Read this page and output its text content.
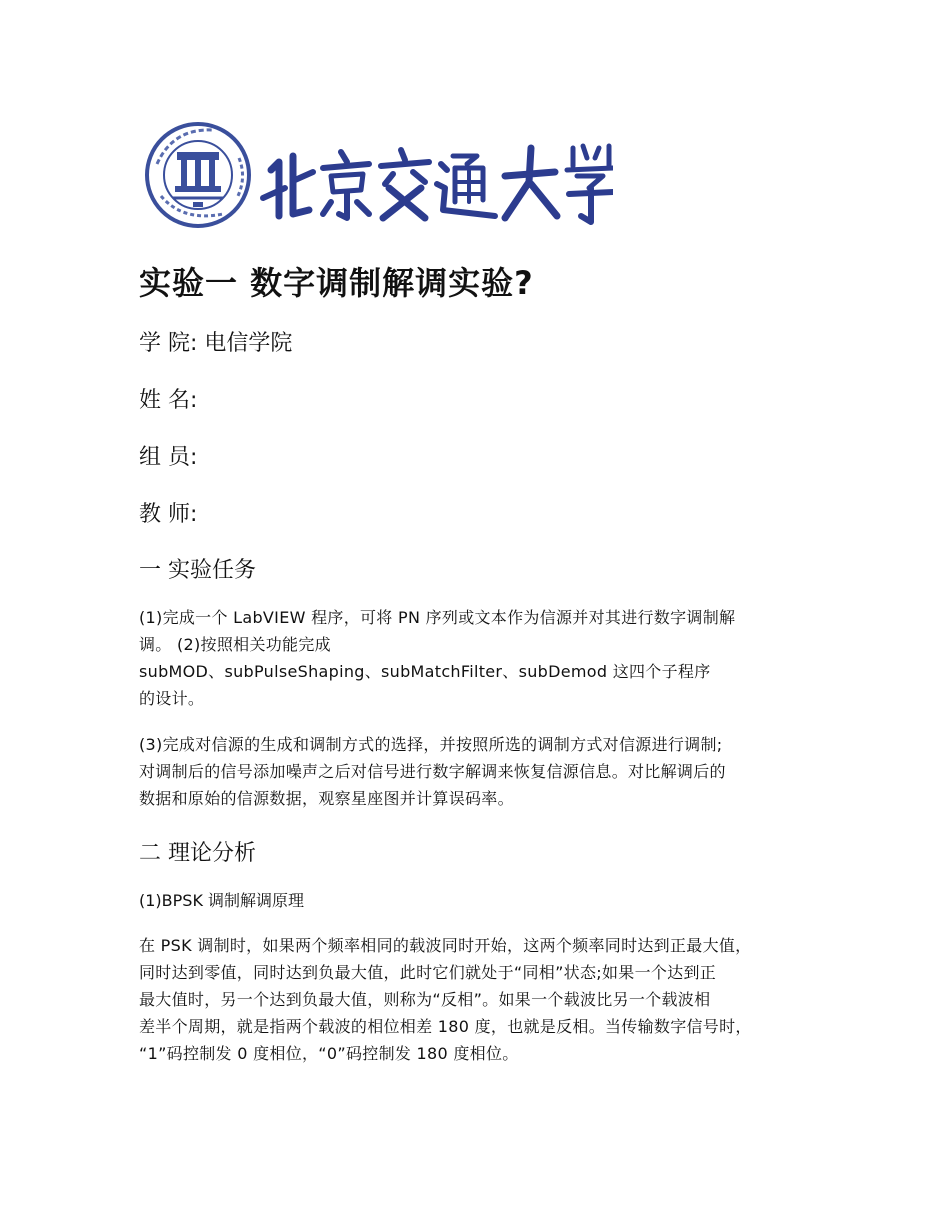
实验一 数字调制解调实验?
学 院: 电信学院
姓 名:
组 员:
教 师:
一 实验任务
(1)完成一个 LabVIEW 程序，可将 PN 序列或文本作为信源并对其进行数字调制解
调。 (2)按照相关功能完成
subMOD、subPulseShaping、subMatchFilter、subDemod 这四个子程序
的设计。
(3)完成对信源的生成和调制方式的选择，并按照所选的调制方式对信源进行调制;
对调制后的信号添加噪声之后对信号进行数字解调来恢复信源信息。对比解调后的
数据和原始的信源数据，观察星座图并计算误码率。
二 理论分析
(1)BPSK 调制解调原理
在 PSK 调制时，如果两个频率相同的载波同时开始，这两个频率同时达到正最大值，
同时达到零值，同时达到负最大值，此时它们就处于“同相”状态;如果一个达到正
最大值时，另一个达到负最大值，则称为“反相”。如果一个载波比另一个载波相
差半个周期，就是指两个载波的相位相差 180 度，也就是反相。当传输数字信号时，
“1”码控制发 0 度相位，“0”码控制发 180 度相位。
